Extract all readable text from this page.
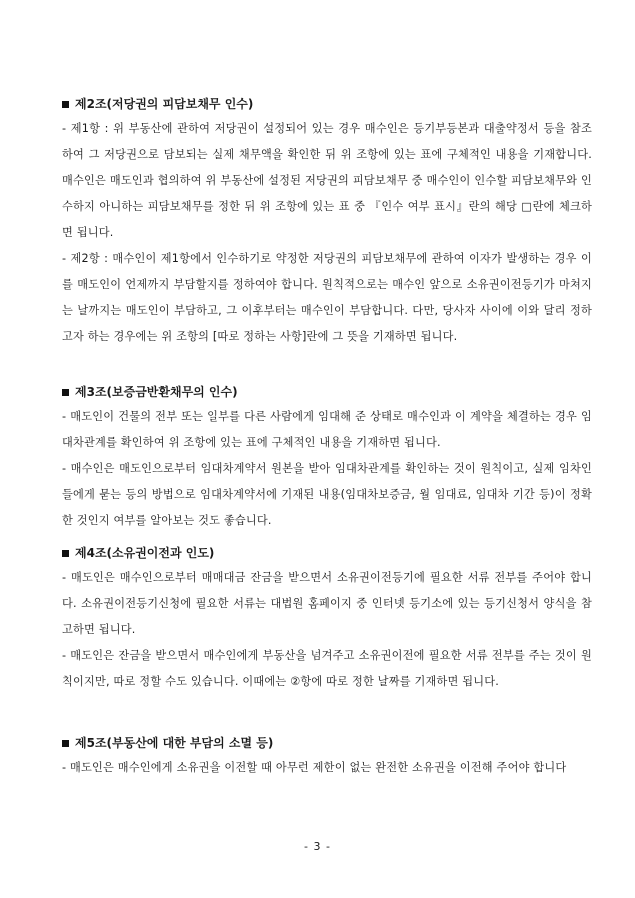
제2조(저당권의 피담보채무 인수)

- 제1항 : 위 부동산에 관하여 저당권이 설정되어 있는 경우 매수인은 등기부등본과 대출약정서 등을 참조하여 그 저당권으로 담보되는 실제 채무액을 확인한 뒤 위 조항에 있는 표에 구체적인 내용을 기재합니다. 매수인은 매도인과 협의하여 위 부동산에 설정된 저당권의 피담보채무 중 매수인이 인수할 피담보채무와 인수하지 아니하는 피담보채무를 정한 뒤 위 조항에 있는 표 중 『인수 여부 표시』란의 해당 □란에 체크하면 됩니다.

- 제2항 : 매수인이 제1항에서 인수하기로 약정한 저당권의 피담보채무에 관하여 이자가 발생하는 경우 이를 매도인이 언제까지 부담할지를 정하여야 합니다. 원칙적으로는 매수인 앞으로 소유권이전등기가 마쳐지는 날까지는 매도인이 부담하고, 그 이후부터는 매수인이 부담합니다. 다만, 당사자 사이에 이와 달리 정하고자 하는 경우에는 위 조항의 [따로 정하는 사항]란에 그 뜻을 기재하면 됩니다.

제3조(보증금반환채무의 인수)

- 매도인이 건물의 전부 또는 일부를 다른 사람에게 임대해 준 상태로 매수인과 이 계약을 체결하는 경우 임대차관계를 확인하여 위 조항에 있는 표에 구체적인 내용을 기재하면 됩니다.

- 매수인은 매도인으로부터 임대차계약서 원본을 받아 임대차관계를 확인하는 것이 원칙이고, 실제 임차인들에게 묻는 등의 방법으로 임대차계약서에 기재된 내용(임대차보증금, 월 임대료, 임대차 기간 등)이 정확한 것인지 여부를 알아보는 것도 좋습니다.

제4조(소유권이전과 인도)

- 매도인은 매수인으로부터 매매대금 잔금을 받으면서 소유권이전등기에 필요한 서류 전부를 주어야 합니다. 소유권이전등기신청에 필요한 서류는 대법원 홈페이지 중 인터넷 등기소에 있는 등기신청서 양식을 참고하면 됩니다.

- 매도인은 잔금을 받으면서 매수인에게 부동산을 넘겨주고 소유권이전에 필요한 서류 전부를 주는 것이 원칙이지만, 따로 정할 수도 있습니다. 이때에는 ②항에 따로 정한 날짜를 기재하면 됩니다.

제5조(부동산에 대한 부담의 소멸 등)

- 매도인은 매수인에게 소유권을 이전할 때 아무런 제한이 없는 완전한 소유권을 이전해 주어야 합니다

- 3 -
